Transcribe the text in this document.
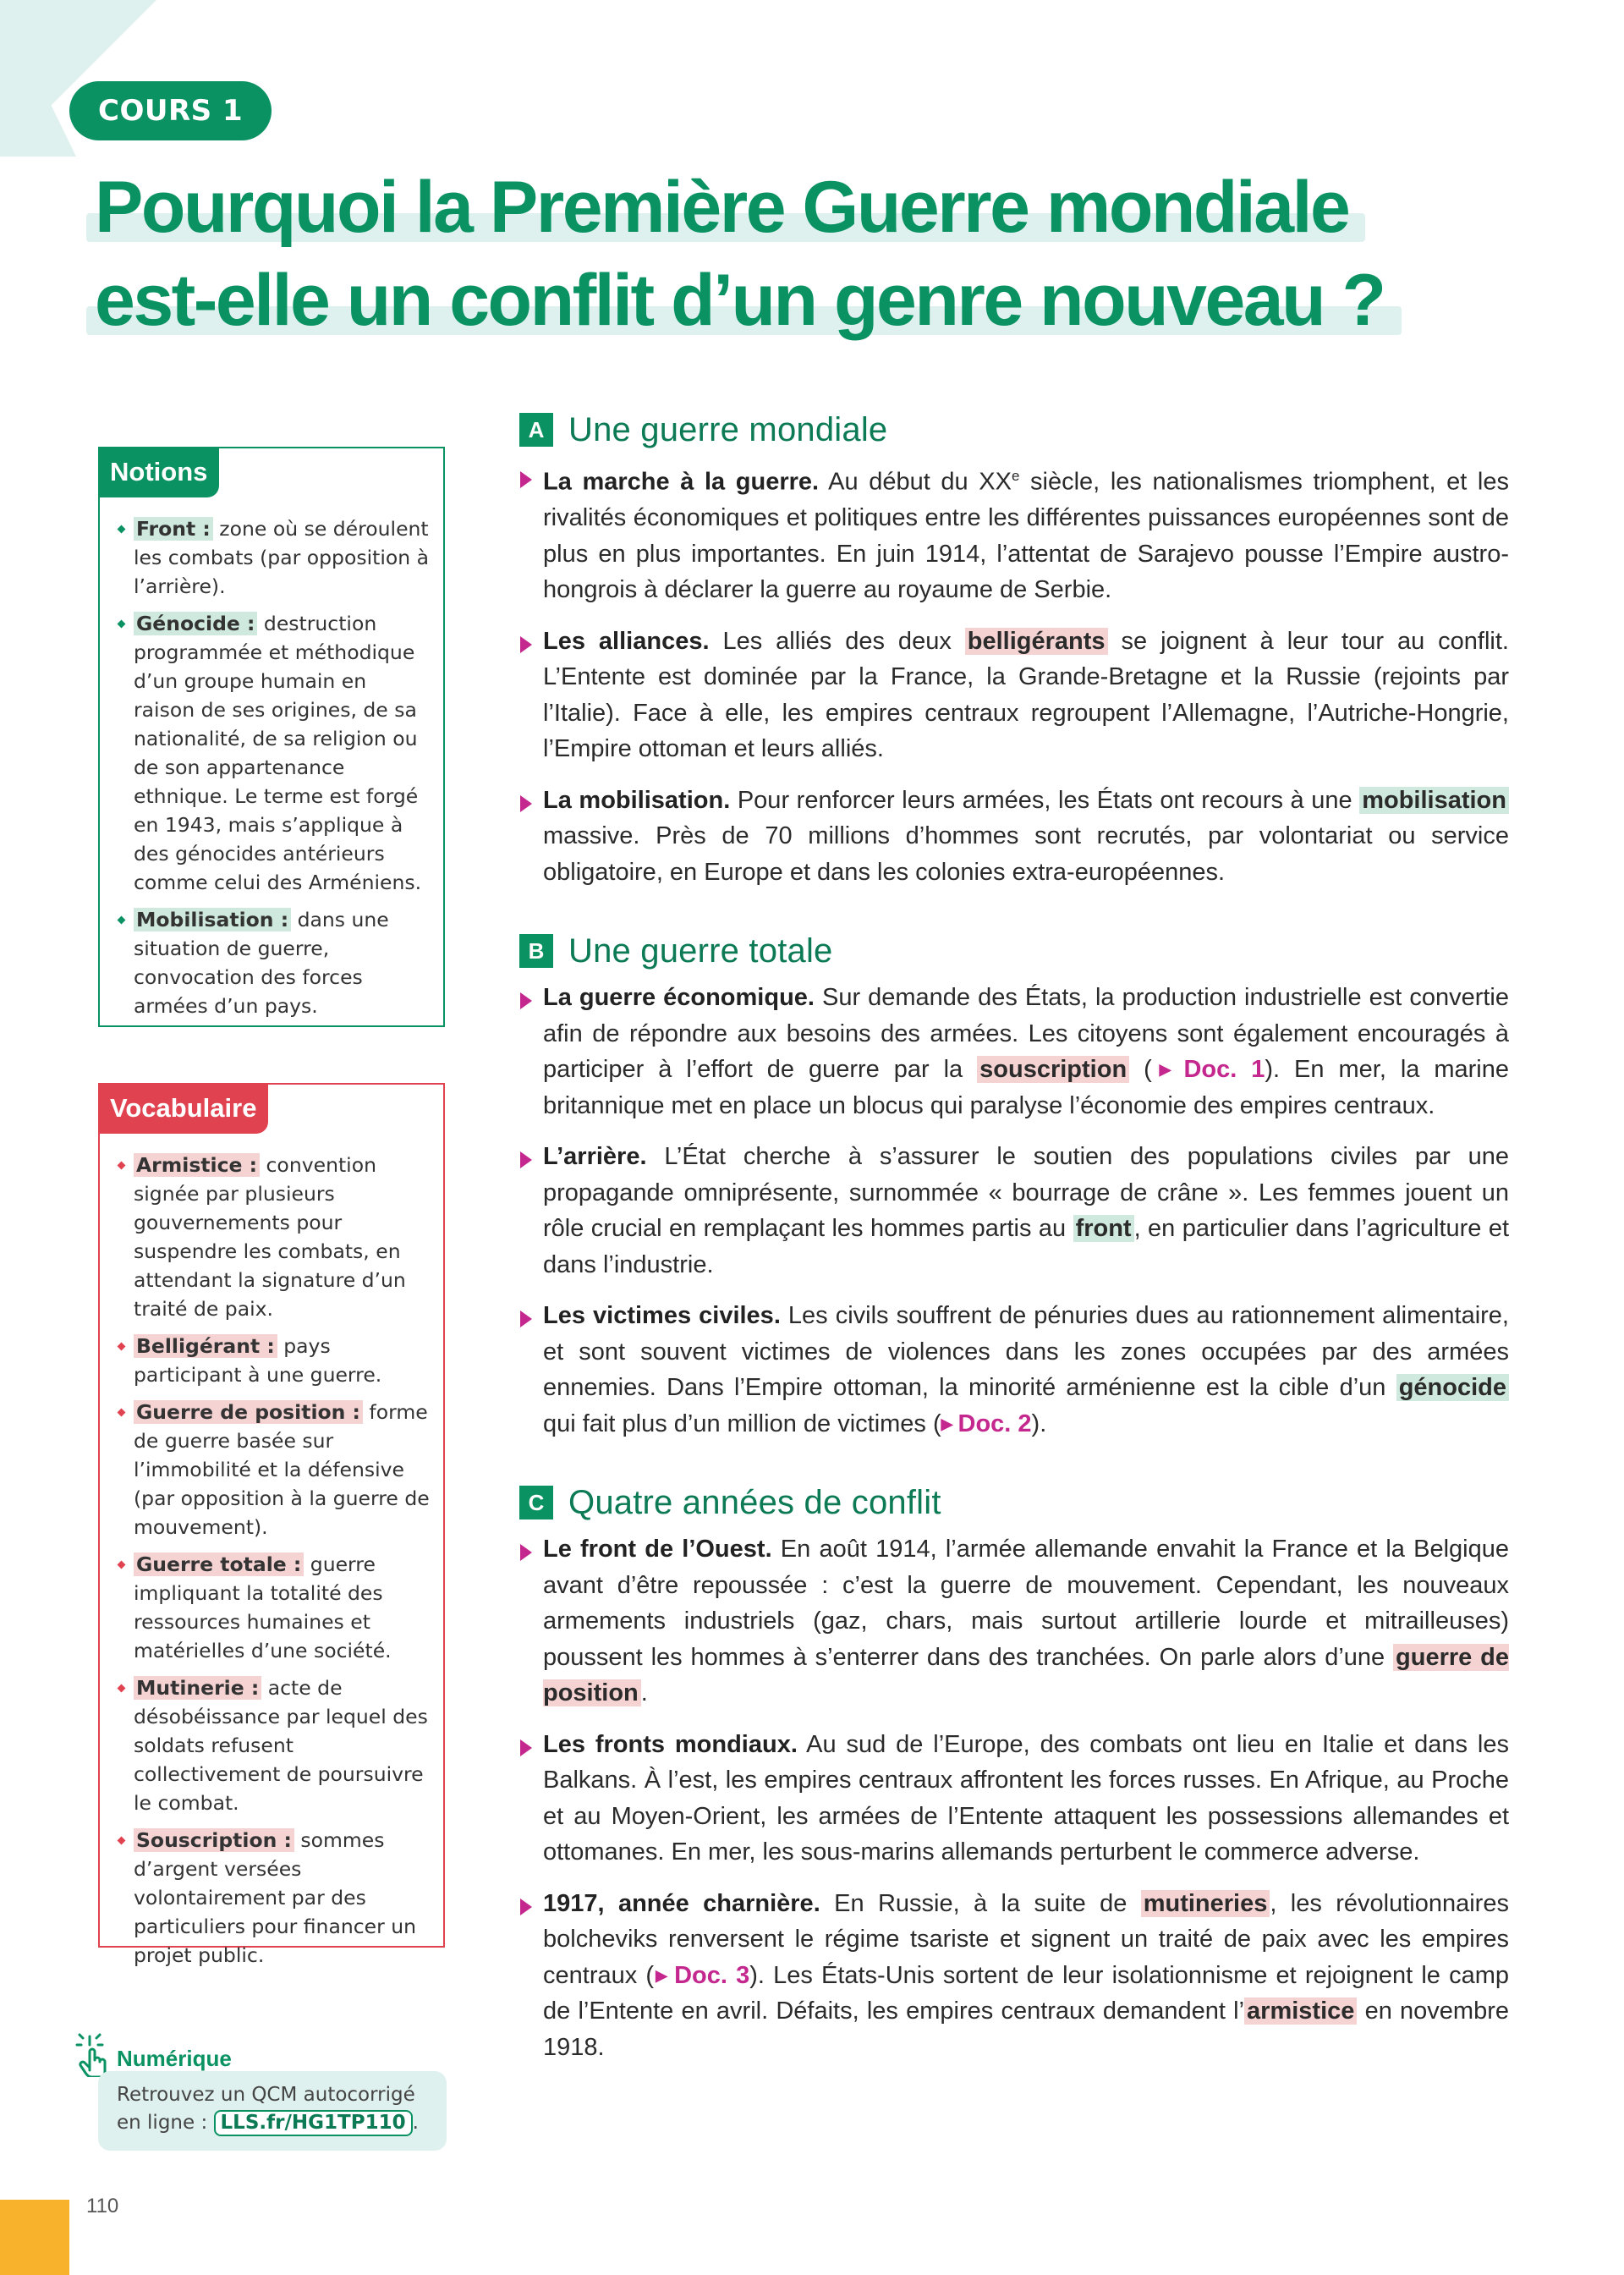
COURS 1
Pourquoi la Première Guerre mondiale
est-elle un conflit d’un genre nouveau ?
Notions
Front : zone où se déroulent les combats (par opposition à l’arrière).
Génocide : destruction programmée et méthodique d’un groupe humain en raison de ses origines, de sa nationalité, de sa religion ou de son appartenance ethnique. Le terme est forgé en 1943, mais s’applique à des génocides antérieurs comme celui des Arméniens.
Mobilisation : dans une situation de guerre, convocation des forces armées d’un pays.
Vocabulaire
Armistice : convention signée par plusieurs gouvernements pour suspendre les combats, en attendant la signature d’un traité de paix.
Belligérant : pays participant à une guerre.
Guerre de position : forme de guerre basée sur l’immobilité et la défensive (par opposition à la guerre de mouvement).
Guerre totale : guerre impliquant la totalité des ressources humaines et matérielles d’une société.
Mutinerie : acte de désobéissance par lequel des soldats refusent collectivement de poursuivre le combat.
Souscription : sommes d’argent versées volontairement par des particuliers pour financer un projet public.
Numérique
Retrouvez un QCM autocorrigé en ligne : LLS.fr/HG1TP110 .
A Une guerre mondiale

La marche à la guerre. Au début du XXe siècle, les nationalismes triomphent, et les rivalités économiques et politiques entre les différentes puissances européennes sont de plus en plus importantes. En juin 1914, l’attentat de Sarajevo pousse l’Empire austro-hongrois à déclarer la guerre au royaume de Serbie.

Les alliances. Les alliés des deux belligérants se joignent à leur tour au conflit. L’Entente est dominée par la France, la Grande-Bretagne et la Russie (rejoints par l’Italie). Face à elle, les empires centraux regroupent l’Allemagne, l’Autriche-Hongrie, l’Empire ottoman et leurs alliés.

La mobilisation. Pour renforcer leurs armées, les États ont recours à une mobilisation massive. Près de 70 millions d’hommes sont recrutés, par volontariat ou service obligatoire, en Europe et dans les colonies extra-européennes.

B Une guerre totale

La guerre économique. Sur demande des États, la production industrielle est convertie afin de répondre aux besoins des armées. Les citoyens sont également encouragés à participer à l’effort de guerre par la souscription ( ▶ Doc. 1). En mer, la marine britannique met en place un blocus qui paralyse l’économie des empires centraux.

L’arrière. L’État cherche à s’assurer le soutien des populations civiles par une propagande omniprésente, surnommée « bourrage de crâne ». Les femmes jouent un rôle crucial en remplaçant les hommes partis au front , en particulier dans l’agriculture et dans l’industrie.

Les victimes civiles. Les civils souffrent de pénuries dues au rationnement alimentaire, et sont souvent victimes de violences dans les zones occupées par des armées ennemies. Dans l’Empire ottoman, la minorité arménienne est la cible d’un génocide qui fait plus d’un million de victimes ( ▶ Doc. 2).

C Quatre années de conflit

Le front de l’Ouest. En août 1914, l’armée allemande envahit la France et la Belgique avant d’être repoussée : c’est la guerre de mouvement. Cependant, les nouveaux armements industriels (gaz, chars, mais surtout artillerie lourde et mitrailleuses) poussent les hommes à s’enterrer dans des tranchées. On parle alors d’une guerre de position .

Les fronts mondiaux. Au sud de l’Europe, des combats ont lieu en Italie et dans les Balkans. À l’est, les empires centraux affrontent les forces russes. En Afrique, au Proche et au Moyen-Orient, les armées de l’Entente attaquent les possessions allemandes et ottomanes. En mer, les sous-marins allemands perturbent le commerce adverse.

1917, année charnière. En Russie, à la suite de mutineries , les révolutionnaires bolcheviks renversent le régime tsariste et signent un traité de paix avec les empires centraux ( ▶ Doc. 3). Les États-Unis sortent de leur isolationnisme et rejoignent le camp de l’Entente en avril. Défaits, les empires centraux demandent l’ armistice en novembre 1918.

110
